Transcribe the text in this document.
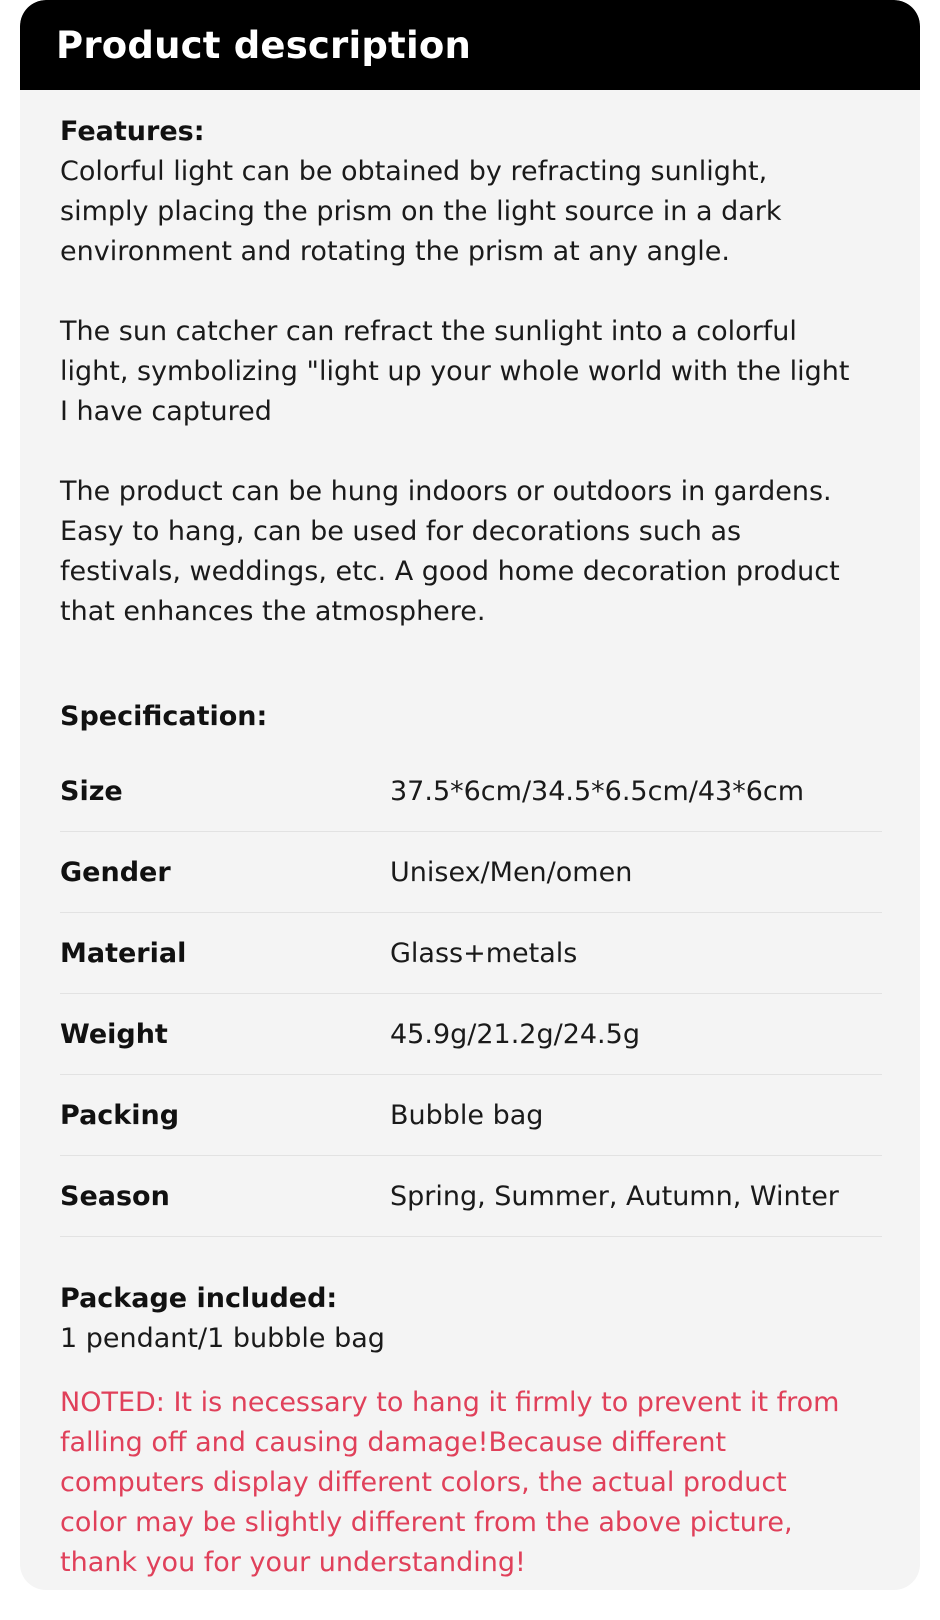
Product description

Features:

Colorful light can be obtained by refracting sunlight,
simply placing the prism on the light source in a dark
environment and rotating the prism at any angle.

The sun catcher can refract the sunlight into a colorful
light, symbolizing "light up your whole world with the light
I have captured

The product can be hung indoors or outdoors in gardens.
Easy to hang, can be used for decorations such as
festivals, weddings, etc. A good home decoration product
that enhances the atmosphere.

Specification:

Size	37.5*6cm/34.5*6.5cm/43*6cm
Gender	Unisex/Men/omen
Material	Glass+metals
Weight	45.9g/21.2g/24.5g
Packing	Bubble bag
Season	Spring, Summer, Autumn, Winter

Package included:

1 pendant/1 bubble bag

NOTED: It is necessary to hang it firmly to prevent it from
falling off and causing damage!Because different
computers display different colors, the actual product
color may be slightly different from the above picture,
thank you for your understanding!
